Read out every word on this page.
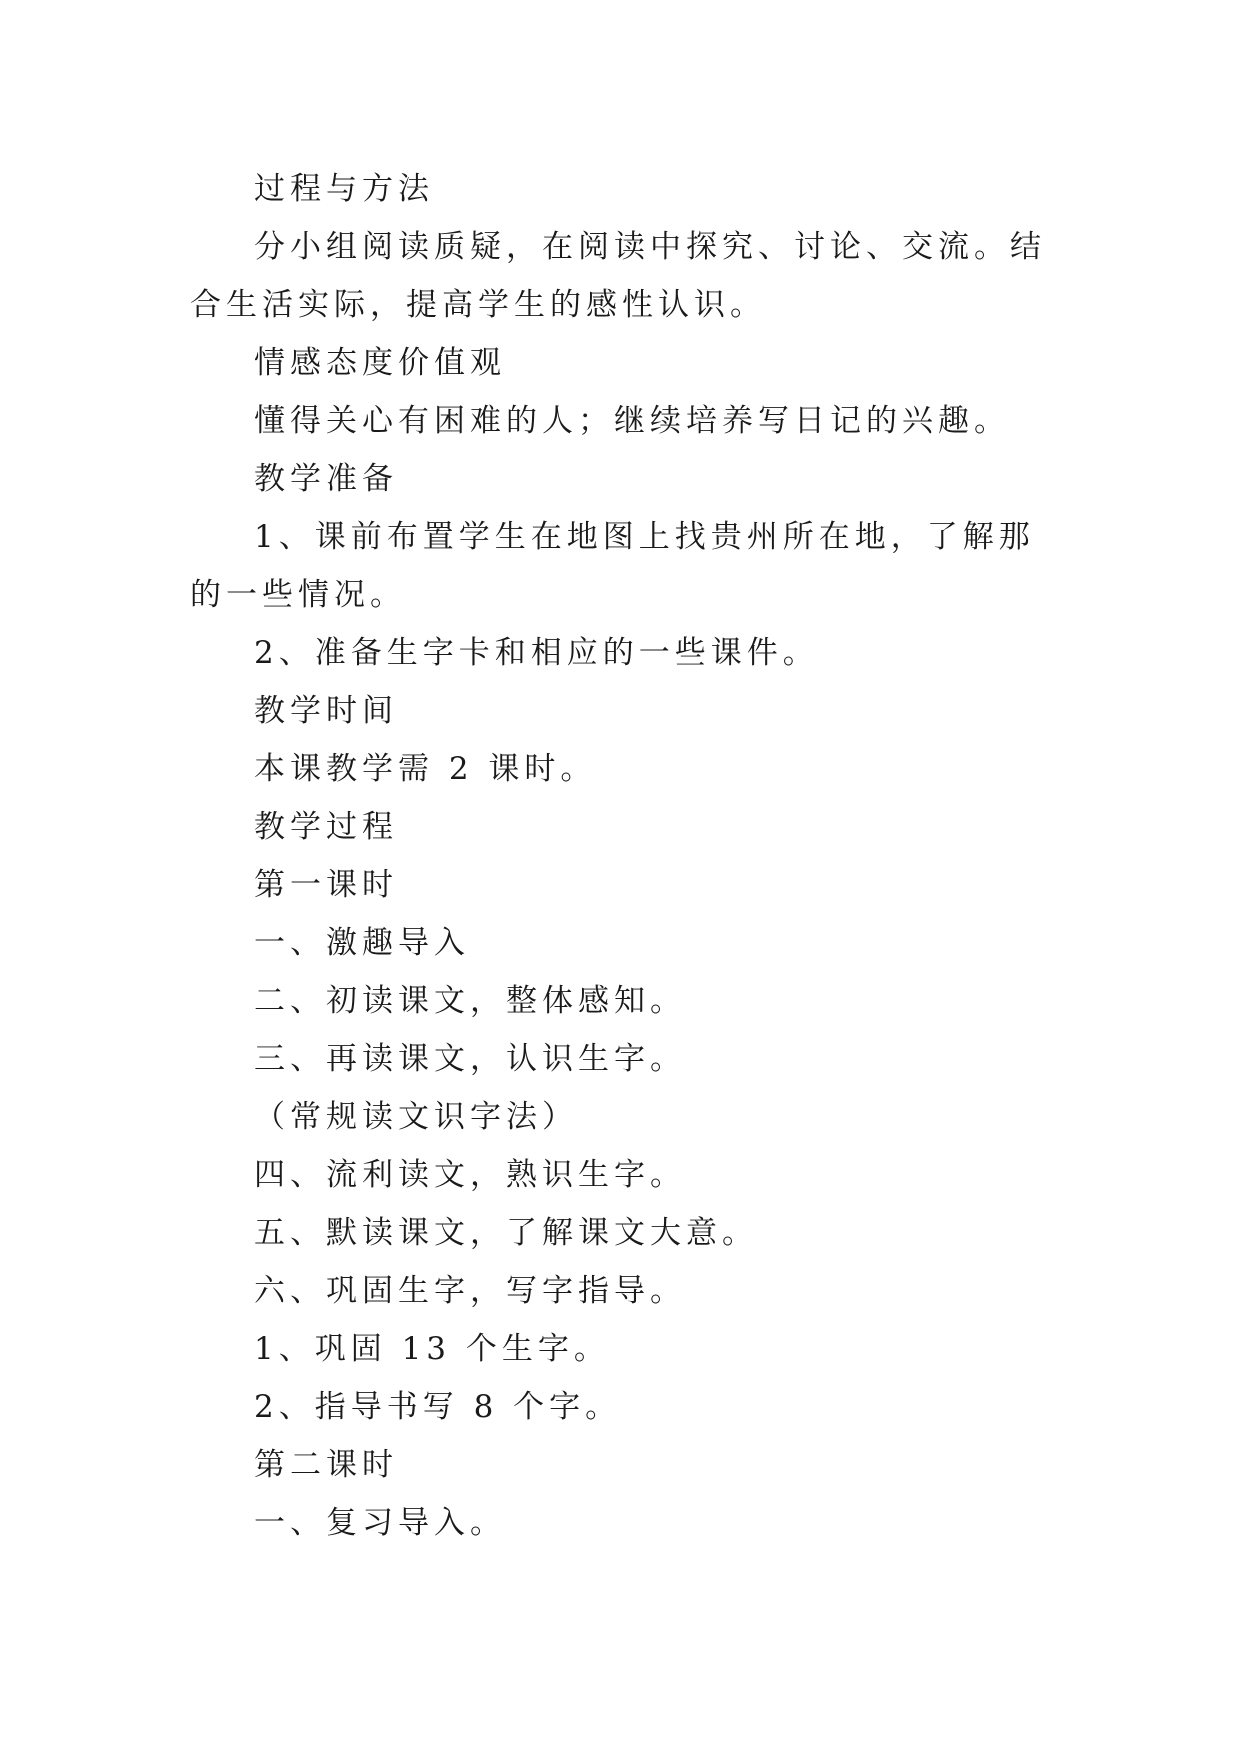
过程与方法

分小组阅读质疑，在阅读中探究、讨论、交流。结合生活实际，提高学生的感性认识。

情感态度价值观

懂得关心有困难的人；继续培养写日记的兴趣。

教学准备

1、课前布置学生在地图上找贵州所在地，了解那的一些情况。

2、准备生字卡和相应的一些课件。

教学时间

本课教学需 2 课时。

教学过程

第一课时

一、激趣导入

二、初读课文，整体感知。

三、再读课文，认识生字。

（常规读文识字法）

四、流利读文，熟识生字。

五、默读课文，了解课文大意。

六、巩固生字，写字指导。

1、巩固 13 个生字。

2、指导书写 8 个字。

第二课时

一、复习导入。
